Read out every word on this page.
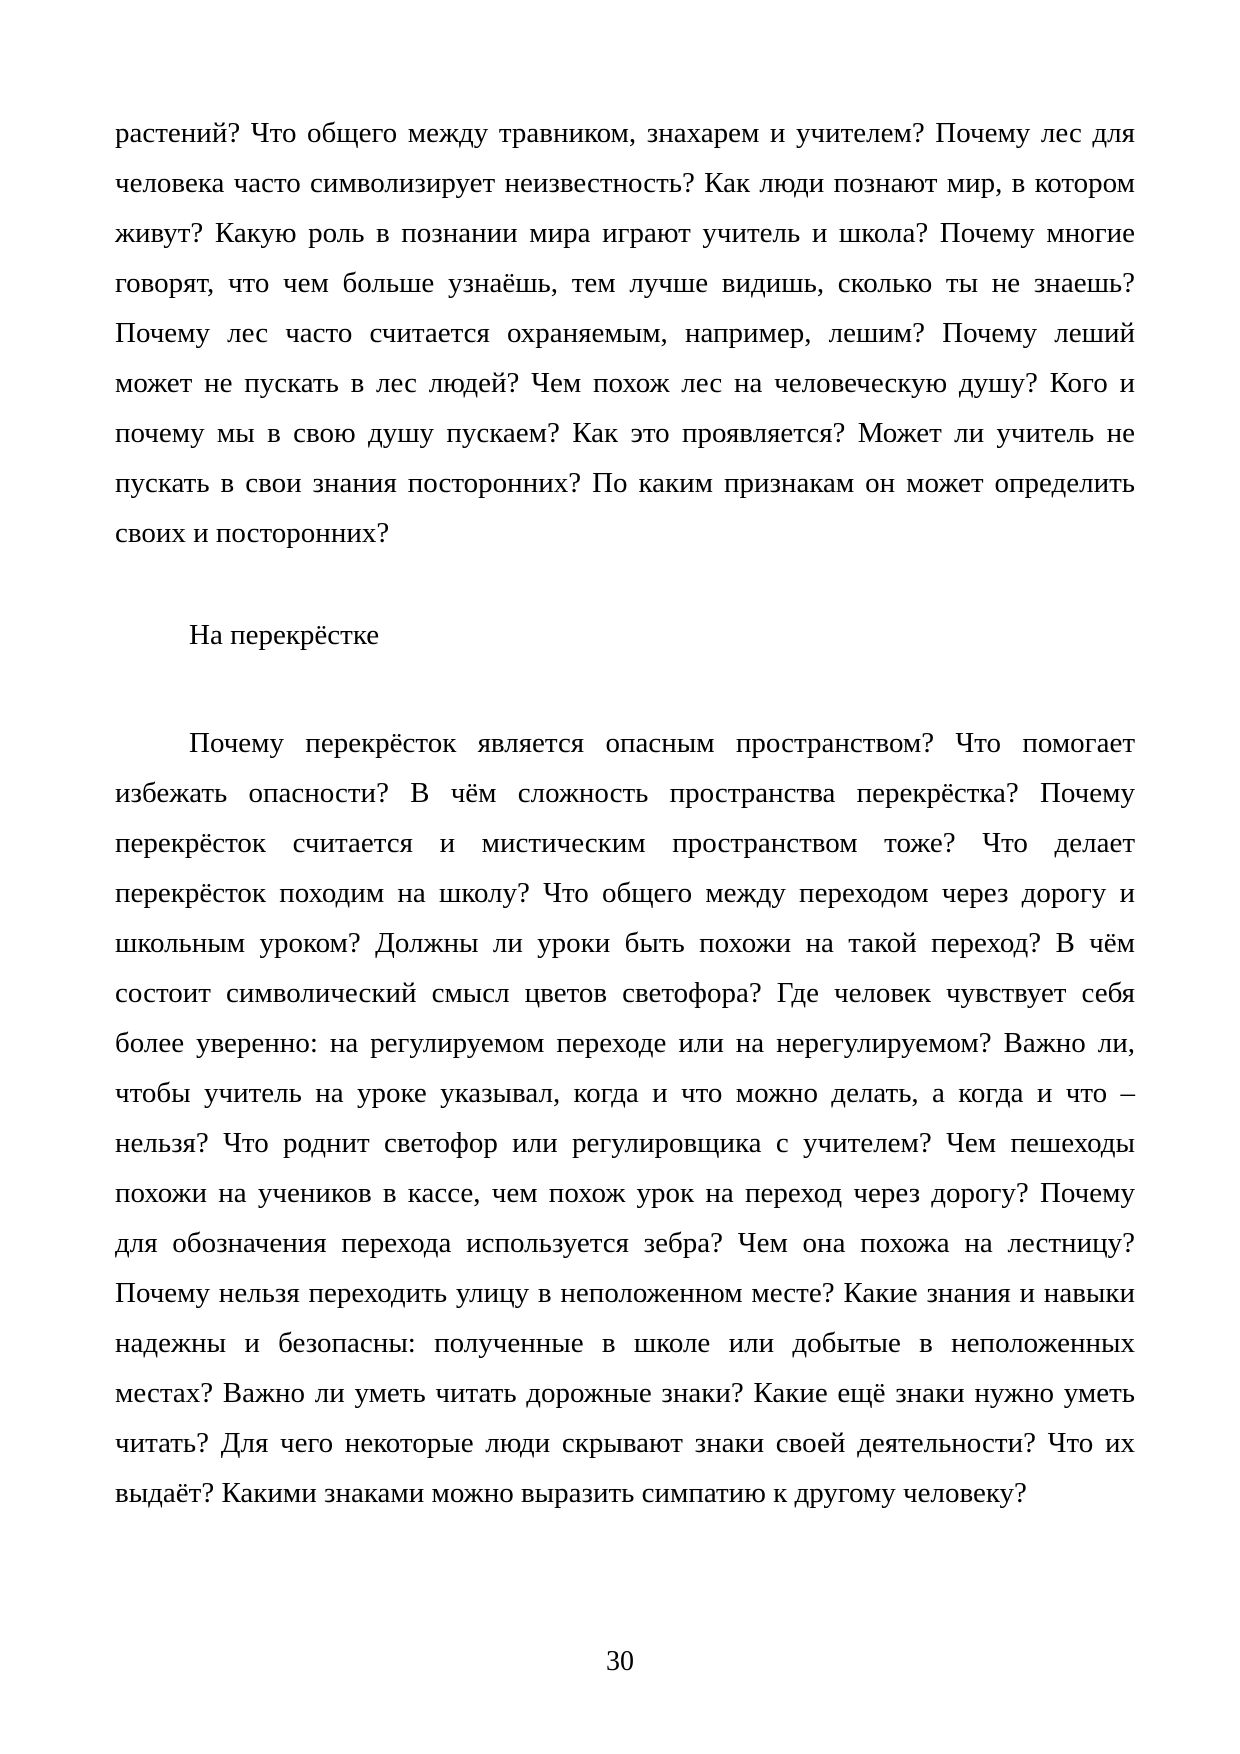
растений? Что общего между травником, знахарем и учителем? Почему лес для
человека часто символизирует неизвестность? Как люди познают мир, в котором
живут? Какую роль в познании мира играют учитель и школа? Почему многие
говорят, что чем больше узнаёшь, тем лучше видишь, сколько ты не знаешь?
Почему лес часто считается охраняемым, например, лешим? Почему леший
может не пускать в лес людей? Чем похож лес на человеческую душу? Кого и
почему мы в свою душу пускаем? Как это проявляется? Может ли учитель не
пускать в свои знания посторонних? По каким признакам он может определить
своих и посторонних?
На перекрёстке
Почему перекрёсток является опасным пространством? Что помогает
избежать опасности? В чём сложность пространства перекрёстка? Почему
перекрёсток считается и мистическим пространством тоже? Что делает
перекрёсток походим на школу? Что общего между переходом через дорогу и
школьным уроком? Должны ли уроки быть похожи на такой переход? В чём
состоит символический смысл цветов светофора? Где человек чувствует себя
более уверенно: на регулируемом переходе или на нерегулируемом? Важно ли,
чтобы учитель на уроке указывал, когда и что можно делать, а когда и что –
нельзя? Что роднит светофор или регулировщика с учителем? Чем пешеходы
похожи на учеников в кассе, чем похож урок на переход через дорогу? Почему
для обозначения перехода используется зебра? Чем она похожа на лестницу?
Почему нельзя переходить улицу в неположенном месте? Какие знания и навыки
надежны и безопасны: полученные в школе или добытые в неположенных
местах? Важно ли уметь читать дорожные знаки? Какие ещё знаки нужно уметь
читать? Для чего некоторые люди скрывают знаки своей деятельности? Что их
выдаёт? Какими знаками можно выразить симпатию к другому человеку?
30
